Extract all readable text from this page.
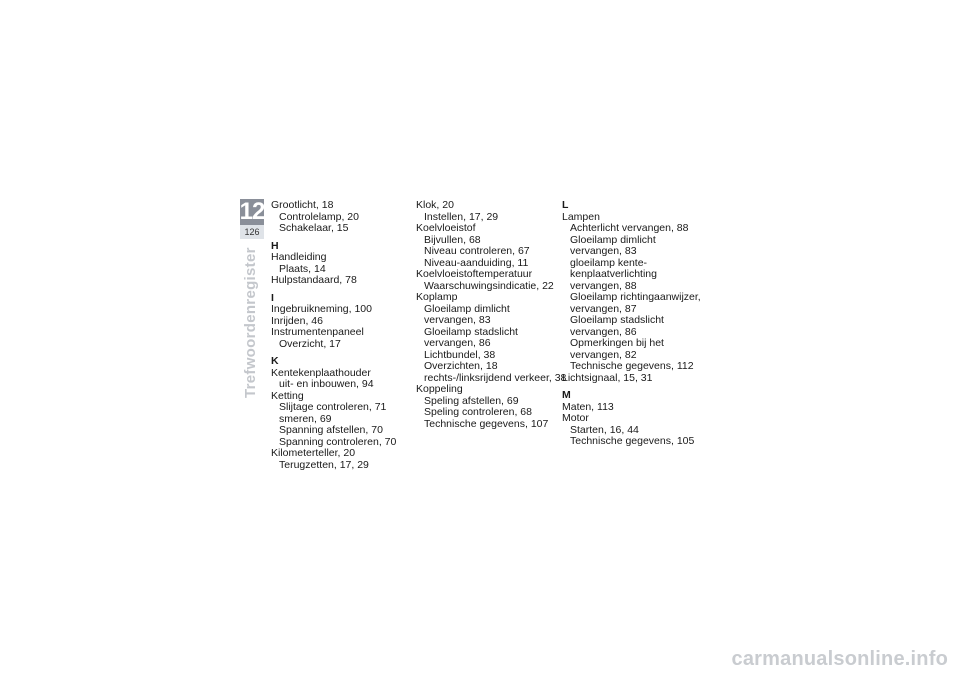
12
126
Trefwoordenregister
Grootlicht, 18
Controlelamp, 20
Schakelaar, 15
H
Handleiding
Plaats, 14
Hulpstandaard, 78
I
Ingebruikneming, 100
Inrijden, 46
Instrumentenpaneel
Overzicht, 17
K
Kentekenplaathouder
uit- en inbouwen, 94
Ketting
Slijtage controleren, 71
smeren, 69
Spanning afstellen, 70
Spanning controleren, 70
Kilometerteller, 20
Terugzetten, 17, 29
Klok, 20
Instellen, 17, 29
Koelvloeistof
Bijvullen, 68
Niveau controleren, 67
Niveau-aanduiding, 11
Koelvloeistoftemperatuur
Waarschuwingsindicatie, 22
Koplamp
Gloeilamp dimlicht
vervangen, 83
Gloeilamp stadslicht
vervangen, 86
Lichtbundel, 38
Overzichten, 18
rechts-/linksrijdend verkeer, 38
Koppeling
Speling afstellen, 69
Speling controleren, 68
Technische gegevens, 107
L
Lampen
Achterlicht vervangen, 88
Gloeilamp dimlicht
vervangen, 83
gloeilamp kente-
kenplaatverlichting
vervangen, 88
Gloeilamp richtingaanwijzer,
vervangen, 87
Gloeilamp stadslicht
vervangen, 86
Opmerkingen bij het
vervangen, 82
Technische gegevens, 112
Lichtsignaal, 15, 31
M
Maten, 113
Motor
Starten, 16, 44
Technische gegevens, 105
carmanualsonline.info
